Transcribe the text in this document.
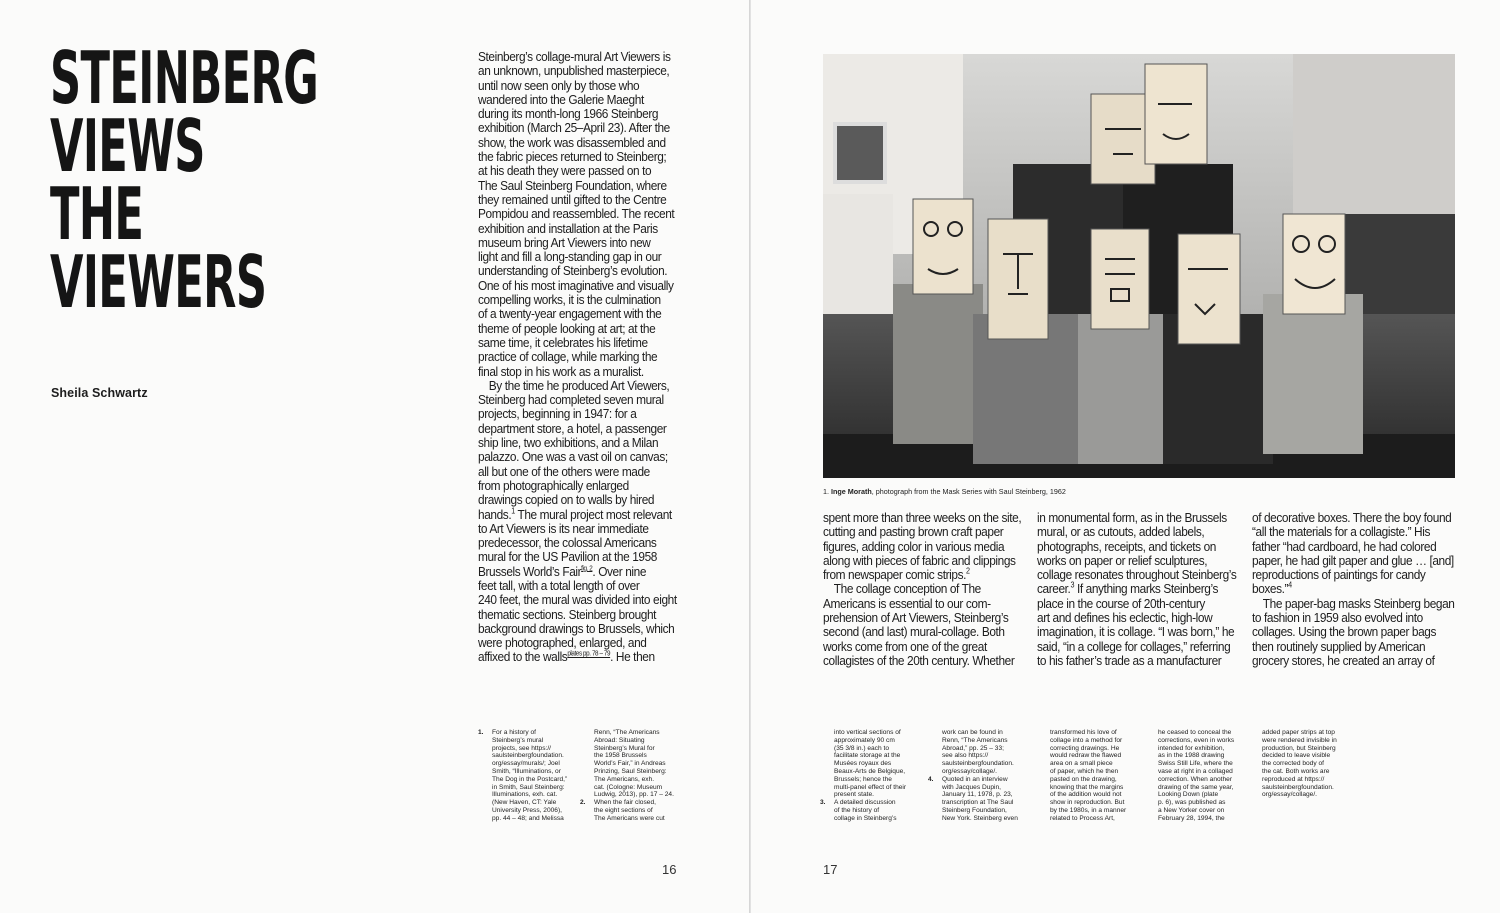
STEINBERG
VIEWS
THE
VIEWERS
Sheila Schwartz
Steinberg’s collage-mural Art Viewers is
an unknown, unpublished masterpiece,
until now seen only by those who
wandered into the Galerie Maeght
during its month-long 1966 Steinberg
exhibition (March 25–April 23). After the
show, the work was disassembled and
the fabric pieces returned to Steinberg;
at his death they were passed on to
The Saul Steinberg Foundation, where
they remained until gifted to the Centre
Pompidou and reassembled. The recent
exhibition and installation at the Paris
museum bring Art Viewers into new
light and fill a long-standing gap in our
understanding of Steinberg’s evolution.
One of his most imaginative and visually
compelling works, it is the culmination
of a twenty-year engagement with the
theme of people looking at art; at the
same time, it celebrates his lifetime
practice of collage, while marking the
final stop in his work as a muralist.
By the time he produced Art Viewers,
Steinberg had completed seven mural
projects, beginning in 1947: for a
department store, a hotel, a passenger
ship line, two exhibitions, and a Milan
palazzo. One was a vast oil on canvas;
all but one of the others were made
from photographically enlarged
drawings copied on to walls by hired
hands.$^1$ The mural project most relevant
to Art Viewers is its near immediate
predecessor, the colossal Americans
mural for the US Pavilion at the 1958
Brussels World’s Fair$^{fig. 2}$. Over nine
feet tall, with a total length of over
240 feet, the mural was divided into eight
thematic sections. Steinberg brought
background drawings to Brussels, which
were photographed, enlarged, and
affixed to the walls$^{plates pp. 78 - 79}$. He then
1. For a history of
Steinberg’s mural
projects, see https://
saulsteinbergfoundation.
org/essay/murals/; Joel
Smith, “Illuminations, or
The Dog in the Postcard,”
in Smith, Saul Steinberg:
Illuminations, exh. cat.
(New Haven, CT: Yale
University Press, 2006),
pp. 44 – 48; and Melissa
Renn, “The Americans
Abroad: Situating
Steinberg’s Mural for
the 1958 Brussels
World’s Fair,” in Andreas
Prinzing, Saul Steinberg:
The Americans, exh.
cat. (Cologne: Museum
Ludwig, 2013), pp. 17 – 24.
2. When the fair closed,
the eight sections of
The Americans were cut
16	17
1. Inge Morath, photograph from the Mask Series with Saul Steinberg, 1962
spent more than three weeks on the site,
cutting and pasting brown craft paper
figures, adding color in various media
along with pieces of fabric and clippings
from newspaper comic strips.$^2$
The collage conception of The
Americans is essential to our com-
prehension of Art Viewers, Steinberg’s
second (and last) mural-collage. Both
works come from one of the great
collagistes of the 20th century. Whether
in monumental form, as in the Brussels
mural, or as cutouts, added labels,
photographs, receipts, and tickets on
works on paper or relief sculptures,
collage resonates throughout Steinberg’s
career.$^3$ If anything marks Steinberg’s
place in the course of 20th-century
art and defines his eclectic, high-low
imagination, it is collage. “I was born,” he
said, “in a college for collages,” referring
to his father’s trade as a manufacturer
of decorative boxes. There the boy found
“all the materials for a collagiste.” His
father “had cardboard, he had colored
paper, he had gilt paper and glue … [and]
reproductions of paintings for candy
boxes.”$^4$
The paper-bag masks Steinberg began
to fashion in 1959 also evolved into
collages. Using the brown paper bags
then routinely supplied by American
grocery stores, he created an array of
into vertical sections of
approximately 90 cm
(35 3/8 in.) each to
facilitate storage at the
Musées royaux des
Beaux-Arts de Belgique,
Brussels; hence the
multi-panel effect of their
present state.
3. A detailed discussion
of the history of
collage in Steinberg’s
work can be found in
Renn, “The Americans
Abroad,” pp. 25 – 33;
see also https://
saulsteinbergfoundation.
org/essay/collage/.
4. Quoted in an interview
with Jacques Dupin,
January 11, 1978, p. 23,
transcription at The Saul
Steinberg Foundation,
New York. Steinberg even
transformed his love of
collage into a method for
correcting drawings. He
would redraw the flawed
area on a small piece
of paper, which he then
pasted on the drawing,
knowing that the margins
of the addition would not
show in reproduction. But
by the 1980s, in a manner
related to Process Art,
he ceased to conceal the
corrections, even in works
intended for exhibition,
as in the 1988 drawing
Swiss Still Life, where the
vase at right in a collaged
correction. When another
drawing of the same year,
Looking Down (plate
p. 6), was published as
a New Yorker cover on
February 28, 1994, the
added paper strips at top
were rendered invisible in
production, but Steinberg
decided to leave visible
the corrected body of
the cat. Both works are
reproduced at https://
saulsteinbergfoundation.
org/essay/collage/.
